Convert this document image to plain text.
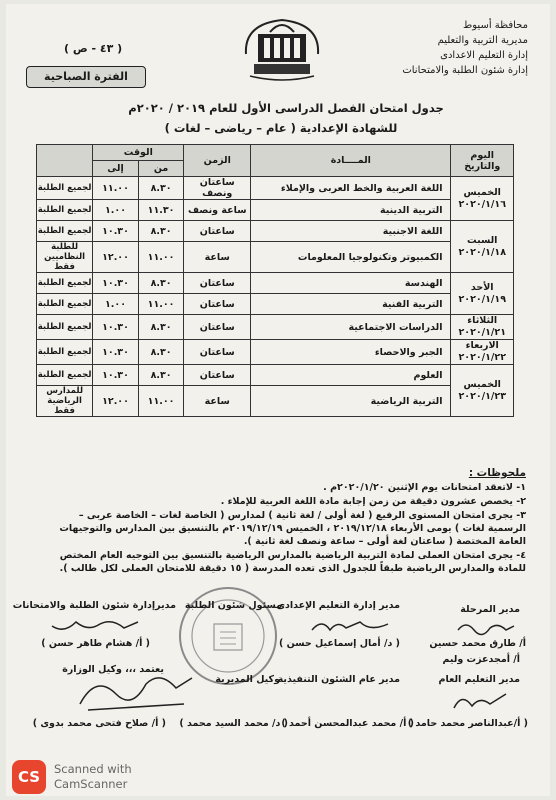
محافظة أسيوط
مديرية التربية والتعليم
إدارة التعليم الاعدادى
إدارة شئون الطلبة والامتحانات
( ٤٣ - ص )
الفترة الصباحية
جدول امتحان الفصل الدراسى الأول للعام ٢٠١٩ / ٢٠٢٠م
للشهادة الإعدادية ( عام – رياضى – لغات )
اليوم والتاريخ	المــــادة	الزمن	الوقت		
			من	إلى	

الخميس
٢٠٢٠/١/١٦	اللغة العربية والخط العربى والإملاء	ساعتان ونصف	٨.٣٠	١١.٠٠	لجميع الطلبة
	التربية الدينية	ساعة ونصف	١١.٣٠	١.٠٠	لجميع الطلبة

السبت
٢٠٢٠/١/١٨	اللغة الاجنبية	ساعتان	٨.٣٠	١٠.٣٠	لجميع الطلبة
	الكمبيوتر وتكنولوجيا المعلومات	ساعة	١١.٠٠	١٢.٠٠	للطلبة النظاميين فقط

الأحد
٢٠٢٠/١/١٩	الهندسة	ساعتان	٨.٣٠	١٠.٣٠	لجميع الطلبة
	التربية الفنية	ساعتان	١١.٠٠	١.٠٠	لجميع الطلبة

الثلاثاء
٢٠٢٠/١/٢١	الدراسات الاجتماعية	ساعتان	٨.٣٠	١٠.٣٠	لجميع الطلبة

الاربعاء
٢٠٢٠/١/٢٢	الجبر والاحصاء	ساعتان	٨.٣٠	١٠.٣٠	لجميع الطلبة

الخميس
٢٠٢٠/١/٢٣	العلوم	ساعتان	٨.٣٠	١٠.٣٠	لجميع الطلبة
	التربية الرياضية	ساعة	١١.٠٠	١٢.٠٠	للمدارس الرياضية فقط
ملحوظات :

١- لاتعقد امتحانات يوم الإثنين ٢٠٢٠/١/٢٠م .

٢- يخصص عشرون دقيقة من زمن إجابة مادة اللغة العربية للإملاء .

٣- يجرى امتحان المستوى الرفيع ( لغة أولى / لغة ثانية ) لمدارس ( الخاصة لغات – الخاصة عربى – الرسمية لغات ) يومى الأربعاء ٢٠١٩/١٢/١٨ ، الخميس ٢٠١٩/١٢/١٩م بالتنسيق بين المدارس والتوجيهات العامة المختصة ( ساعتان لغة أولى – ساعة ونصف لغة ثانية ).

٤- يجرى امتحان العملى لمادة التربية الرياضية بالمدارس الرياضية بالتنسيق بين التوجيه العام المختص للمادة والمدارس الرياضية طبقاً للجدول الذى تعده المدرسة ( ١٥ دقيقة للامتحان العملى لكل طالب ).

مدير المرحلة
أ/ طارق محمد حسين
أ/ أمجدعزت وليم
مدير إدارة التعليم الإعدادى
( د/ أمال إسماعيل حسن )
مسئول شئون الطلبة
مديرإدارة شئون الطلبة والامتحانات
( أ/ هشام طاهر حسن )
مدير التعليم العام
( أ/عبدالناصر محمد حامد )
مدير عام الشئون التنفيذية
( أ/ محمد عبدالمحسن أحمد )
وكيل المديرية
( د/ محمد السيد محمد )
يعتمد ،،، وكيل الوزارة
( أ/ صلاح فتحى محمد بدوى )
CS	Scanned with
CamScanner
